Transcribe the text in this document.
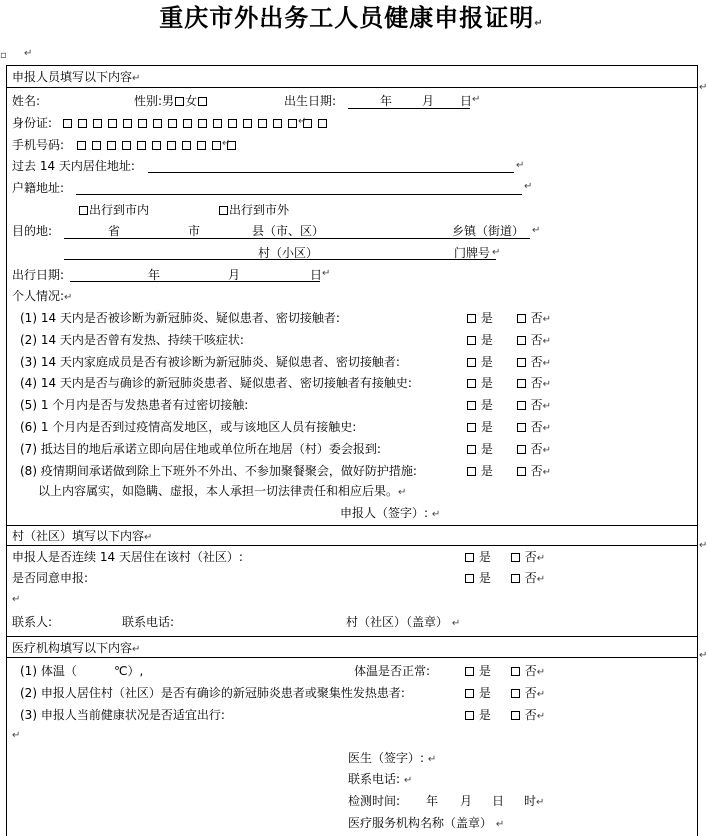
重庆市外出务工人员健康申报证明↵
▫ ↵
↵
申报人员填写以下内容↵
姓名:	性别:男 女	出生日期:	年 月 日 ↵
身份证:	↵
手机号码:	↵
过去 14 天内居住地址:	↵
户籍地址:	↵
出行到市内	出行到市外
目的地:	省	市	县（市、区）	乡镇（街道） ↵
村（小区）	门牌号 ↵
出行日期:	年	月	日 ↵
个人情况:↵
(1) 14 天内是否被诊断为新冠肺炎、疑似患者、密切接触者:	是	否↵
(2) 14 天内是否曾有发热、持续干咳症状:	是	否↵
(3) 14 天内家庭成员是否有被诊断为新冠肺炎、疑似患者、密切接触者:	是	否↵
(4) 14 天内是否与确诊的新冠肺炎患者、疑似患者、密切接触者有接触史:	是	否↵
(5) 1 个月内是否与发热患者有过密切接触:	是	否↵
(6) 1 个月内是否到过疫情高发地区，或与该地区人员有接触史:	是	否↵
(7) 抵达目的地后承诺立即向居住地或单位所在地居（村）委会报到:	是	否↵
(8) 疫情期间承诺做到除上下班外不外出、不参加聚餐聚会，做好防护措施:	是	否↵
以上内容属实，如隐瞒、虚报，本人承担一切法律责任和相应后果。↵
申报人（签字）: ↵
村（社区）填写以下内容↵
↵
申报人是否连续 14 天居住在该村（社区）:	是	否↵
是否同意申报:	是	否↵
↵
联系人:	联系电话:	村（社区）（盖章） ↵
医疗机构填写以下内容↵
↵
(1) 体温（	℃）,	体温是否正常:	是	否↵
(2) 申报人居住村（社区）是否有确诊的新冠肺炎患者或聚集性发热患者:	是	否↵
(3) 申报人当前健康状况是否适宜出行:	是	否↵
↵
医生（签字）: ↵
联系电话: ↵
检测时间: 年 月 日 时↵
医疗服务机构名称（盖章） ↵
